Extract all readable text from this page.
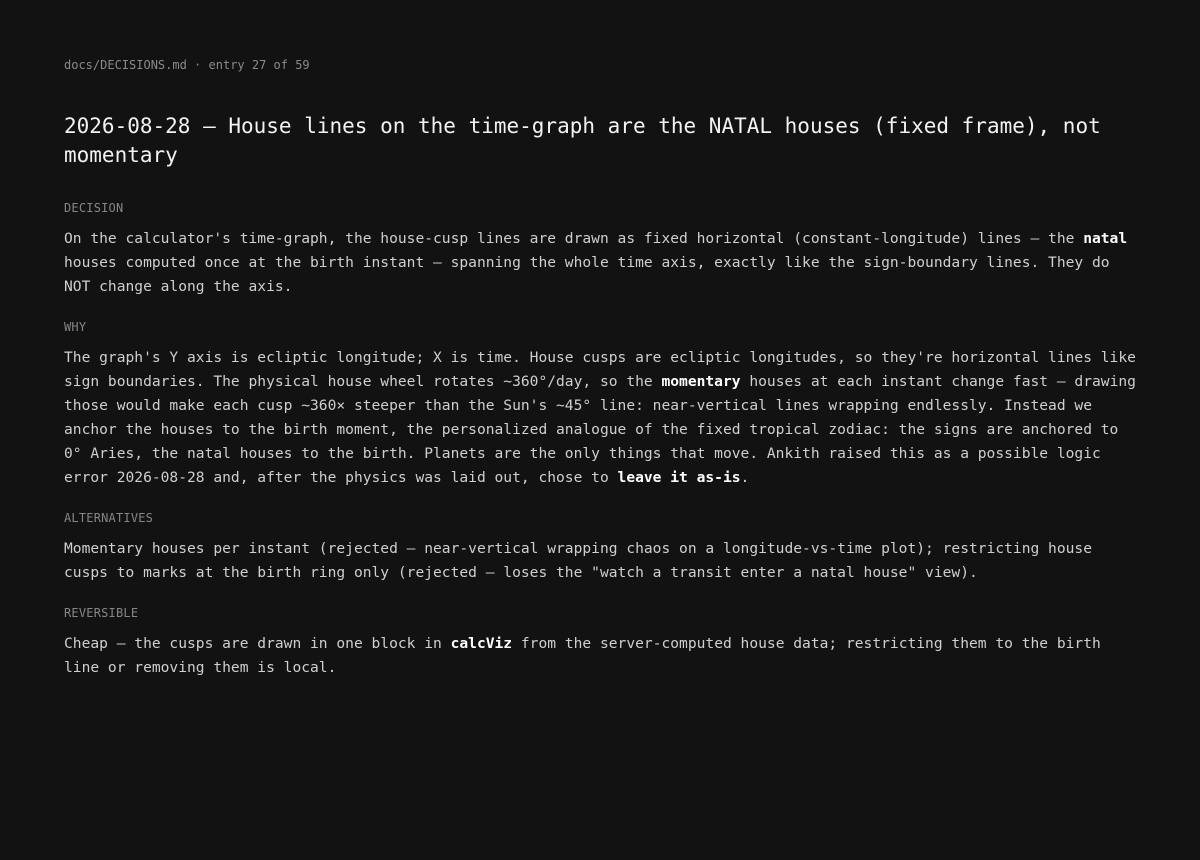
docs/DECISIONS.md · entry 27 of 59

2026-08-28 — House lines on the time-graph are the NATAL houses (fixed frame), not momentary

DECISION

On the calculator's time-graph, the house-cusp lines are drawn as fixed horizontal (constant-longitude) lines — the natal houses computed once at the birth instant — spanning the whole time axis, exactly like the sign-boundary lines. They do NOT change along the axis.

WHY

The graph's Y axis is ecliptic longitude; X is time. House cusps are ecliptic longitudes, so they're horizontal lines like sign boundaries. The physical house wheel rotates ~360°/day, so the momentary houses at each instant change fast — drawing those would make each cusp ~360× steeper than the Sun's ~45° line: near-vertical lines wrapping endlessly. Instead we anchor the houses to the birth moment, the personalized analogue of the fixed tropical zodiac: the signs are anchored to 0° Aries, the natal houses to the birth. Planets are the only things that move. Ankith raised this as a possible logic error 2026-08-28 and, after the physics was laid out, chose to leave it as-is.

ALTERNATIVES

Momentary houses per instant (rejected — near-vertical wrapping chaos on a longitude-vs-time plot); restricting house cusps to marks at the birth ring only (rejected — loses the "watch a transit enter a natal house" view).

REVERSIBLE

Cheap — the cusps are drawn in one block in calcViz from the server-computed house data; restricting them to the birth line or removing them is local.
